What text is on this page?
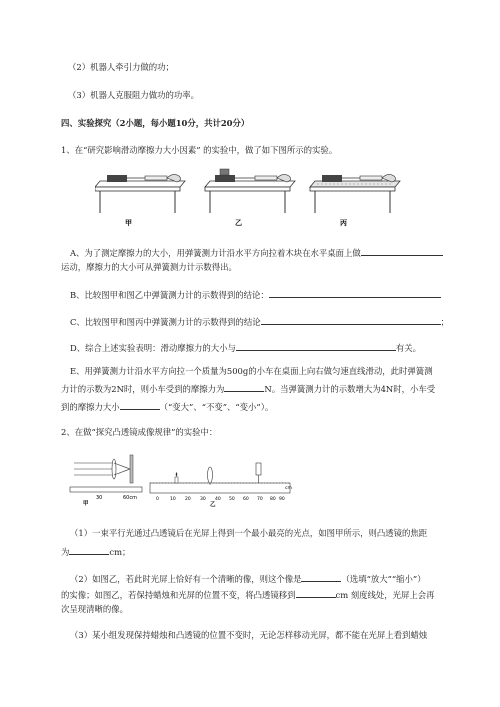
（2）机器人牵引力做的功；
（3）机器人克服阻力做功的功率。
四、实验探究（2小题，每小题10分，共计20分）
1、在“研究影响滑动摩擦力大小因素” 的实验中，做了如下图所示的实验。
甲	乙	丙
A、为了测定摩擦力的大小，用弹簧测力计沿水平方向拉着木块在水平桌面上做
运动，摩擦力的大小可从弹簧测力计示数得出。
B、比较图甲和图乙中弹簧测力计的示数得到的结论：
C、比较图甲和图丙中弹簧测力计的示数得到的结论	；
D、综合上述实验表明：滑动摩擦力的大小与	有关。
E、用弹簧测力计沿水平方向拉一个质量为500g的小车在桌面上向右做匀速直线滑动，此时弹簧测
力计的示数为2N时，则小车受到的摩擦力为	N。当弹簧测力计的示数增大为4N时，小车受
到的摩擦力大小	（“变大”、“不变”、“变小”）。
2、在做“探究凸透镜成像规律”的实验中：
30	60cm
甲
0 10 20 30 40 50 60 70 80 90
cm
乙
（1）一束平行光通过凸透镜后在光屏上得到一个最小最亮的光点，如图甲所示，则凸透镜的焦距
为	cm；
（2）如图乙，若此时光屏上恰好有一个清晰的像，则这个像是	（选填“放大”“缩小”）
的实像；如图乙，若保持蜡烛和光屏的位置不变，将凸透镜移到	cm 刻度线处，光屏上会再
次呈现清晰的像。
（3）某小组发现保持蜡烛和凸透镜的位置不变时，无论怎样移动光屏，都不能在光屏上看到蜡烛
